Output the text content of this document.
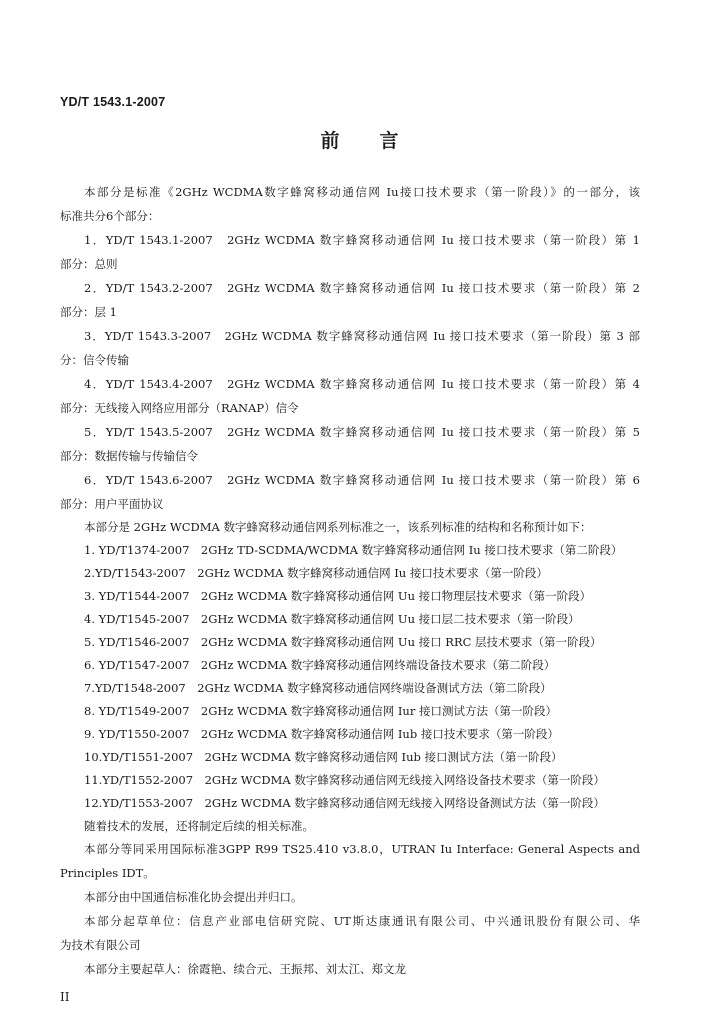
YD/T 1543.1-2007
前言
本部分是标准《2GHz WCDMA数字蜂窝移动通信网 Iu接口技术要求（第一阶段）》的一部分，该
标准共分6个部分：
1．YD/T 1543.1-2007　2GHz WCDMA 数字蜂窝移动通信网 Iu 接口技术要求（第一阶段）第 1
部分：总则
2．YD/T 1543.2-2007　2GHz WCDMA 数字蜂窝移动通信网 Iu 接口技术要求（第一阶段）第 2
部分：层 1
3．YD/T 1543.3-2007　2GHz WCDMA 数字蜂窝移动通信网 Iu 接口技术要求（第一阶段）第 3 部
分：信令传输
4．YD/T 1543.4-2007　2GHz WCDMA 数字蜂窝移动通信网 Iu 接口技术要求（第一阶段）第 4
部分：无线接入网络应用部分（RANAP）信令
5．YD/T 1543.5-2007　2GHz WCDMA 数字蜂窝移动通信网 Iu 接口技术要求（第一阶段）第 5
部分：数据传输与传输信令
6．YD/T 1543.6-2007　2GHz WCDMA 数字蜂窝移动通信网 Iu 接口技术要求（第一阶段）第 6
部分：用户平面协议
本部分是 2GHz WCDMA 数字蜂窝移动通信网系列标准之一，该系列标准的结构和名称预计如下：
1. YD/T1374-2007　2GHz TD-SCDMA/WCDMA 数字蜂窝移动通信网 Iu 接口技术要求（第二阶段）
2.YD/T1543-2007　2GHz WCDMA 数字蜂窝移动通信网 Iu 接口技术要求（第一阶段）
3. YD/T1544-2007　2GHz WCDMA 数字蜂窝移动通信网 Uu 接口物理层技术要求（第一阶段）
4. YD/T1545-2007　2GHz WCDMA 数字蜂窝移动通信网 Uu 接口层二技术要求（第一阶段）
5. YD/T1546-2007　2GHz WCDMA 数字蜂窝移动通信网 Uu 接口 RRC 层技术要求（第一阶段）
6. YD/T1547-2007　2GHz WCDMA 数字蜂窝移动通信网终端设备技术要求（第二阶段）
7.YD/T1548-2007　2GHz WCDMA 数字蜂窝移动通信网终端设备测试方法（第二阶段）
8. YD/T1549-2007　2GHz WCDMA 数字蜂窝移动通信网 Iur 接口测试方法（第一阶段）
9. YD/T1550-2007　2GHz WCDMA 数字蜂窝移动通信网 Iub 接口技术要求（第一阶段）
10.YD/T1551-2007　2GHz WCDMA 数字蜂窝移动通信网 Iub 接口测试方法（第一阶段）
11.YD/T1552-2007　2GHz WCDMA 数字蜂窝移动通信网无线接入网络设备技术要求（第一阶段）
12.YD/T1553-2007　2GHz WCDMA 数字蜂窝移动通信网无线接入网络设备测试方法（第一阶段）
随着技术的发展，还将制定后续的相关标准。
本部分等同采用国际标准3GPP R99 TS25.410 v3.8.0，UTRAN Iu Interface: General Aspects and
Principles IDT。
本部分由中国通信标准化协会提出并归口。
本部分起草单位：信息产业部电信研究院、UT斯达康通讯有限公司、中兴通讯股份有限公司、华
为技术有限公司
本部分主要起草人：徐霞艳、续合元、王振邦、刘太江、郑文龙
II
